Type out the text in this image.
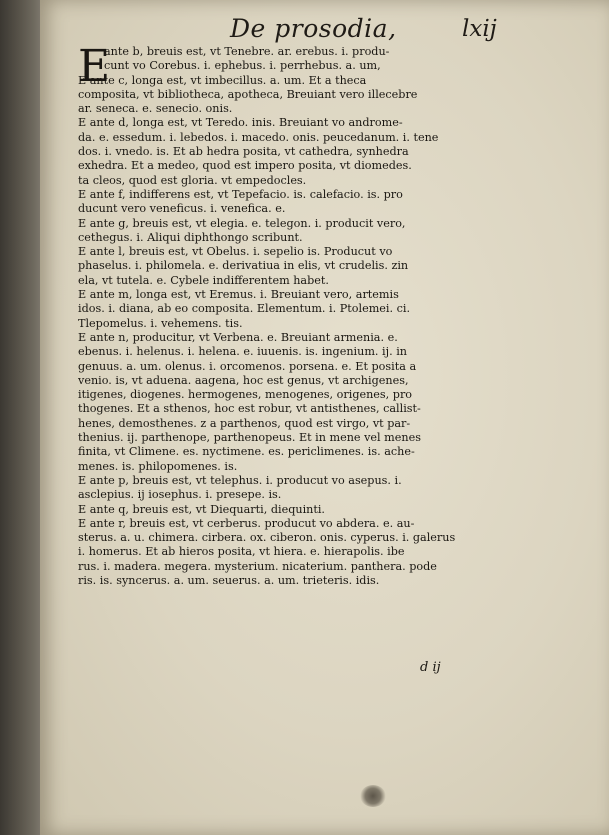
De prosodia,	lxij
E
ante b, breuis est, vt Tenebre. ar. erebus. i. produ-
cunt vo Corebus. i. ephebus. i. perrhebus. a. um,
E ante c, longa est, vt imbecillus. a. um. Et a theca
composita, vt bibliotheca, apotheca, Breuiant vero illecebre
ar. seneca. e. senecio. onis.
E ante d, longa est, vt Teredo. inis. Breuiant vo androme-
da. e. essedum. i. lebedos. i. macedo. onis. peucedanum. i. tene
dos. i. vnedo. is. Et ab hedra posita, vt cathedra, synhedra
exhedra. Et a medeo, quod est impero posita, vt diomedes.
ta cleos, quod est gloria. vt empedocles.
E ante f, indifferens est, vt Tepefacio. is. calefacio. is. pro
ducunt vero veneficus. i. venefica. e.
E ante g, breuis est, vt elegia. e. telegon. i. producit vero,
cethegus. i. Aliqui diphthongo scribunt.
E ante l, breuis est, vt Obelus. i. sepelio is. Producut vo
phaselus. i. philomela. e. derivatiua in elis, vt crudelis. zin
ela, vt tutela. e. Cybele indifferentem habet.
E ante m, longa est, vt Eremus. i. Breuiant vero, artemis
idos. i. diana, ab eo composita. Elementum. i. Ptolemei. ci.
Tlepomelus. i. vehemens. tis.
E ante n, producitur, vt Verbena. e. Breuiant armenia. e.
ebenus. i. helenus. i. helena. e. iuuenis. is. ingenium. ij. in
genuus. a. um. olenus. i. orcomenos. porsena. e. Et posita a
venio. is, vt aduena. aagena, hoc est genus, vt archigenes,
itigenes, diogenes. hermogenes, menogenes, origenes, pro
thogenes. Et a sthenos, hoc est robur, vt antisthenes, callist-
henes, demosthenes. z a parthenos, quod est virgo, vt par-
thenius. ij. parthenope, parthenopeus. Et in mene vel menes
finita, vt Climene. es. nyctimene. es. periclimenes. is. ache-
menes. is. philopomenes. is.
E ante p, breuis est, vt telephus. i. producut vo asepus. i.
asclepius. ij iosephus. i. presepe. is.
E ante q, breuis est, vt Diequarti, diequinti.
E ante r, breuis est, vt cerberus. producut vo abdera. e. au-
sterus. a. u. chimera. cirbera. ox. ciberon. onis. cyperus. i. galerus
i. homerus. Et ab hieros posita, vt hiera. e. hierapolis. ibe
rus. i. madera. megera. mysterium. nicaterium. panthera. pode
ris. is. syncerus. a. um. seuerus. a. um. trieteris. idis.
d ij
